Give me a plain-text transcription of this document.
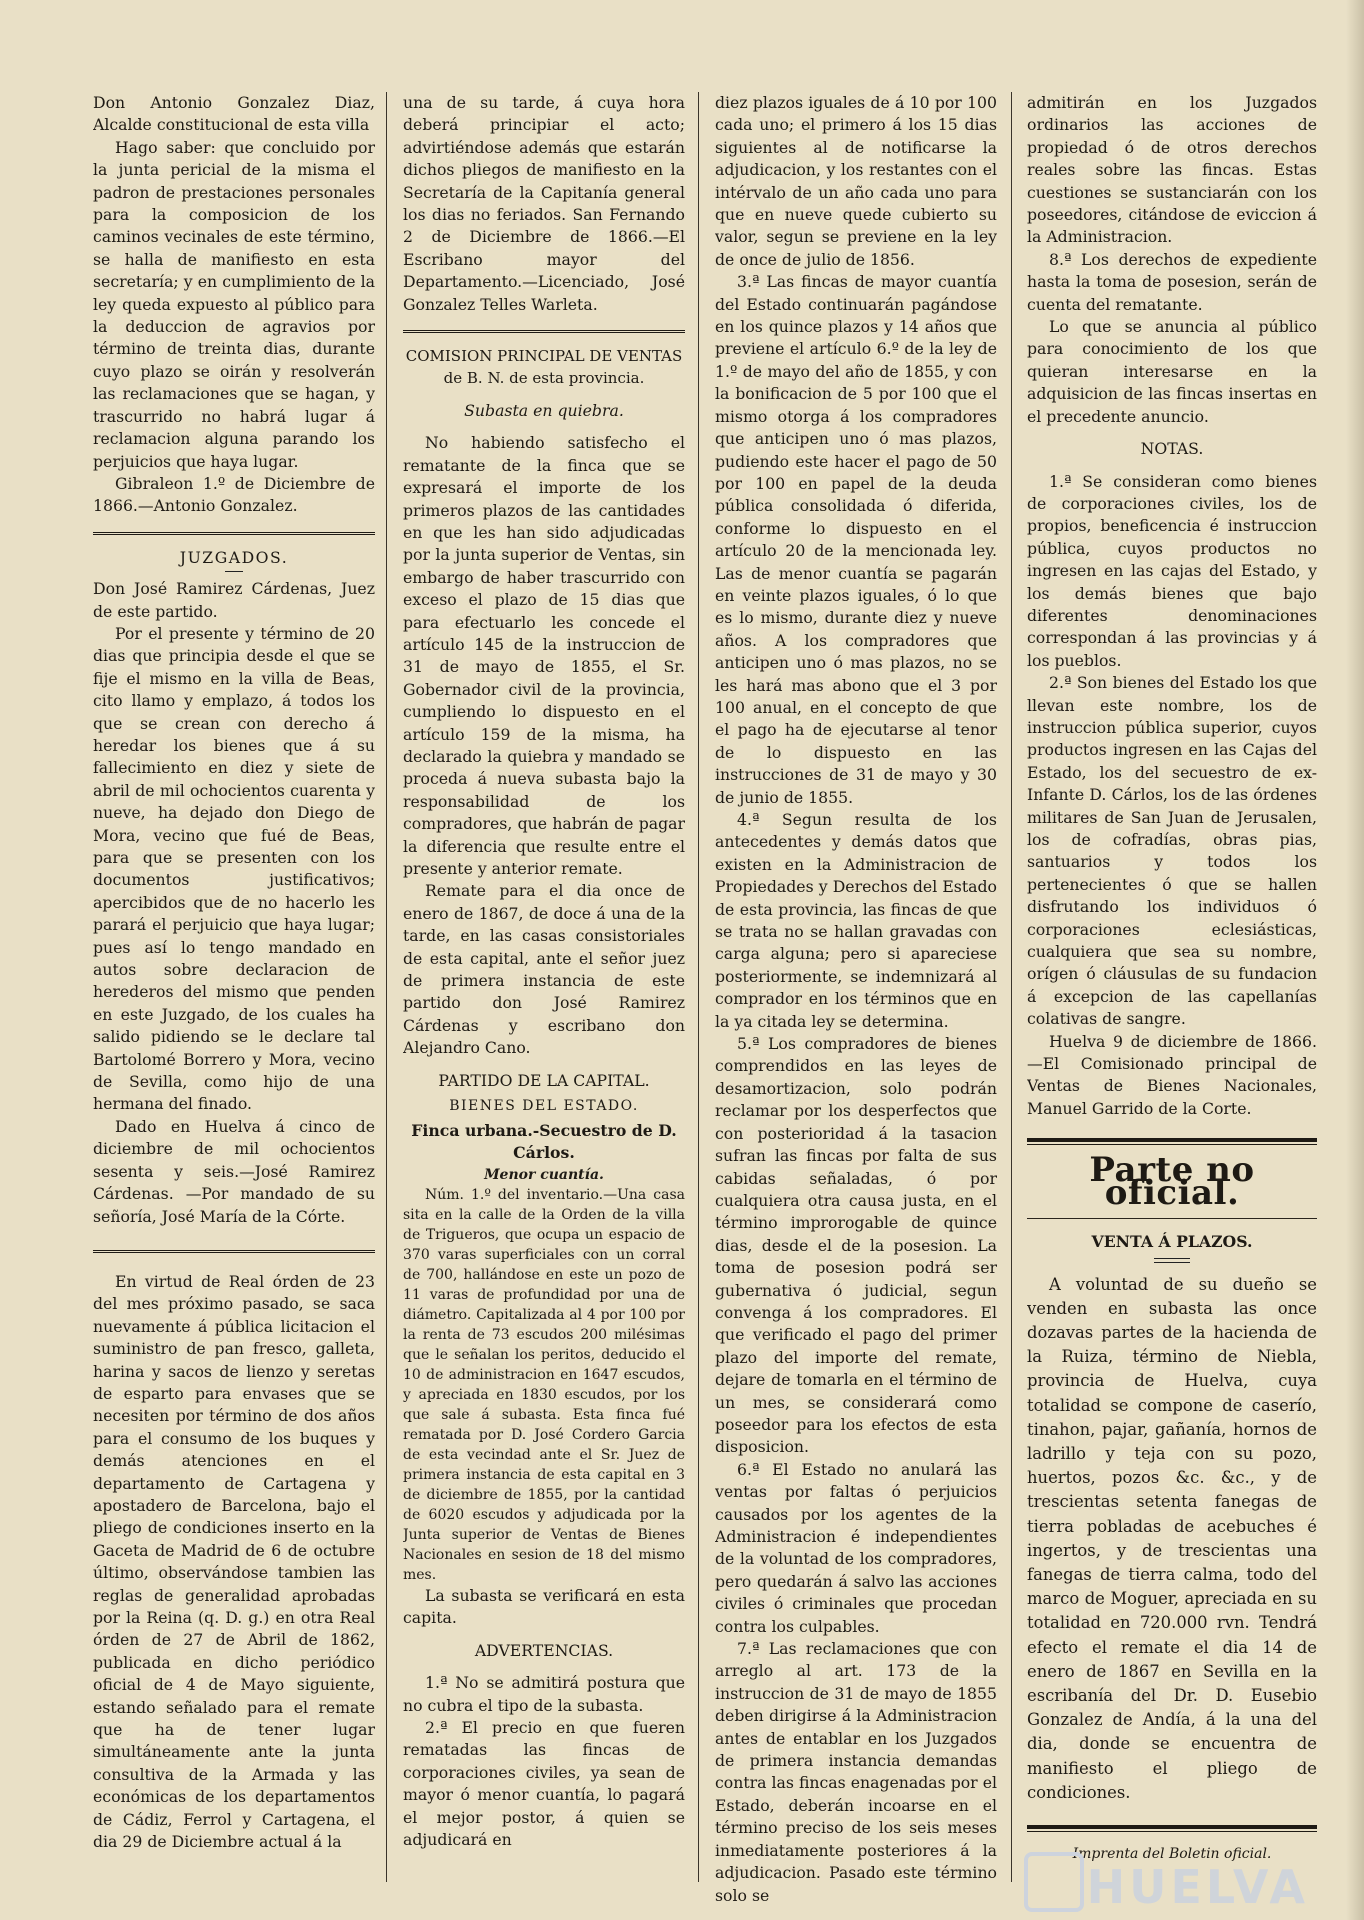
Don Antonio Gonzalez Diaz, Alcalde constitucional de esta villa

Hago saber: que concluido por la junta pericial de la misma el padron de prestaciones personales para la composicion de los caminos vecinales de este término, se halla de manifiesto en esta secretaría; y en cumplimiento de la ley queda expuesto al público para la deduccion de agravios por término de treinta dias, durante cuyo plazo se oirán y resolverán las reclamaciones que se hagan, y trascurrido no habrá lugar á reclamacion alguna parando los perjuicios que haya lugar.

Gibraleon 1.º de Diciembre de 1866.—Antonio Gonzalez.

JUZGADOS.

Don José Ramirez Cárdenas, Juez de este partido.

Por el presente y término de 20 dias que principia desde el que se fije el mismo en la villa de Beas, cito llamo y emplazo, á todos los que se crean con derecho á heredar los bienes que á su fallecimiento en diez y siete de abril de mil ochocientos cuarenta y nueve, ha dejado don Diego de Mora, vecino que fué de Beas, para que se presenten con los documentos justificativos; apercibidos que de no hacerlo les parará el perjuicio que haya lugar; pues así lo tengo mandado en autos sobre declaracion de herederos del mismo que penden en este Juzgado, de los cuales ha salido pidiendo se le declare tal Bartolomé Borrero y Mora, vecino de Sevilla, como hijo de una hermana del finado.

Dado en Huelva á cinco de diciembre de mil ochocientos sesenta y seis.—José Ramirez Cárdenas. —Por mandado de su señoría, José María de la Córte.

En virtud de Real órden de 23 del mes próximo pasado, se saca nuevamente á pública licitacion el suministro de pan fresco, galleta, harina y sacos de lienzo y seretas de esparto para envases que se necesiten por término de dos años para el consumo de los buques y demás atenciones en el departamento de Cartagena y apostadero de Barcelona, bajo el pliego de condiciones inserto en la Gaceta de Madrid de 6 de octubre último, observándose tambien las reglas de generalidad aprobadas por la Reina (q. D. g.) en otra Real órden de 27 de Abril de 1862, publicada en dicho periódico oficial de 4 de Mayo siguiente, estando señalado para el remate que ha de tener lugar simultáneamente ante la junta consultiva de la Armada y las económicas de los departamentos de Cádiz, Ferrol y Cartagena, el dia 29 de Diciembre actual á la

una de su tarde, á cuya hora deberá principiar el acto; advirtiéndose además que estarán dichos pliegos de manifiesto en la Secretaría de la Capitanía general los dias no feriados. San Fernando 2 de Diciembre de 1866.—El Escribano mayor del Departamento.—Licenciado, José Gonzalez Telles Warleta.

COMISION PRINCIPAL DE VENTAS de B. N. de esta provincia.

Subasta en quiebra.

No habiendo satisfecho el rematante de la finca que se expresará el importe de los primeros plazos de las cantidades en que les han sido adjudicadas por la junta superior de Ventas, sin embargo de haber trascurrido con exceso el plazo de 15 dias que para efectuarlo les concede el artículo 145 de la instruccion de 31 de mayo de 1855, el Sr. Gobernador civil de la provincia, cumpliendo lo dispuesto en el artículo 159 de la misma, ha declarado la quiebra y mandado se proceda á nueva subasta bajo la responsabilidad de los compradores, que habrán de pagar la diferencia que resulte entre el presente y anterior remate.

Remate para el dia once de enero de 1867, de doce á una de la tarde, en las casas consistoriales de esta capital, ante el señor juez de primera instancia de este partido don José Ramirez Cárdenas y escribano don Alejandro Cano.

PARTIDO DE LA CAPITAL.

BIENES DEL ESTADO.

Finca urbana.-Secuestro de D. Cárlos.

Menor cuantía.

Núm. 1.º del inventario.—Una casa sita en la calle de la Orden de la villa de Trigueros, que ocupa un espacio de 370 varas superficiales con un corral de 700, hallándose en este un pozo de 11 varas de profundidad por una de diámetro. Capitalizada al 4 por 100 por la renta de 73 escudos 200 milésimas que le señalan los peritos, deducido el 10 de administracion en 1647 escudos, y apreciada en 1830 escudos, por los que sale á subasta. Esta finca fué rematada por D. José Cordero Garcia de esta vecindad ante el Sr. Juez de primera instancia de esta capital en 3 de diciembre de 1855, por la cantidad de 6020 escudos y adjudicada por la Junta superior de Ventas de Bienes Nacionales en sesion de 18 del mismo mes.

La subasta se verificará en esta capita.

ADVERTENCIAS.

1.ª No se admitirá postura que no cubra el tipo de la subasta.

2.ª El precio en que fueren rematadas las fincas de corporaciones civiles, ya sean de mayor ó menor cuantía, lo pagará el mejor postor, á quien se adjudicará en

diez plazos iguales de á 10 por 100 cada uno; el primero á los 15 dias siguientes al de notificarse la adjudicacion, y los restantes con el intérvalo de un año cada uno para que en nueve quede cubierto su valor, segun se previene en la ley de once de julio de 1856.

3.ª Las fincas de mayor cuantía del Estado continuarán pagándose en los quince plazos y 14 años que previene el artículo 6.º de la ley de 1.º de mayo del año de 1855, y con la bonificacion de 5 por 100 que el mismo otorga á los compradores que anticipen uno ó mas plazos, pudiendo este hacer el pago de 50 por 100 en papel de la deuda pública consolidada ó diferida, conforme lo dispuesto en el artículo 20 de la mencionada ley. Las de menor cuantía se pagarán en veinte plazos iguales, ó lo que es lo mismo, durante diez y nueve años. A los compradores que anticipen uno ó mas plazos, no se les hará mas abono que el 3 por 100 anual, en el concepto de que el pago ha de ejecutarse al tenor de lo dispuesto en las instrucciones de 31 de mayo y 30 de junio de 1855.

4.ª Segun resulta de los antecedentes y demás datos que existen en la Administracion de Propiedades y Derechos del Estado de esta provincia, las fincas de que se trata no se hallan gravadas con carga alguna; pero si apareciese posteriormente, se indemnizará al comprador en los términos que en la ya citada ley se determina.

5.ª Los compradores de bienes comprendidos en las leyes de desamortizacion, solo podrán reclamar por los desperfectos que con posterioridad á la tasacion sufran las fincas por falta de sus cabidas señaladas, ó por cualquiera otra causa justa, en el término improrogable de quince dias, desde el de la posesion. La toma de posesion podrá ser gubernativa ó judicial, segun convenga á los compradores. El que verificado el pago del primer plazo del importe del remate, dejare de tomarla en el término de un mes, se considerará como poseedor para los efectos de esta disposicion.

6.ª El Estado no anulará las ventas por faltas ó perjuicios causados por los agentes de la Administracion é independientes de la voluntad de los compradores, pero quedarán á salvo las acciones civiles ó criminales que procedan contra los culpables.

7.ª Las reclamaciones que con arreglo al art. 173 de la instruccion de 31 de mayo de 1855 deben dirigirse á la Administracion antes de entablar en los Juzgados de primera instancia demandas contra las fincas enagenadas por el Estado, deberán incoarse en el término preciso de los seis meses inmediatamente posteriores á la adjudicacion. Pasado este término solo se

admitirán en los Juzgados ordinarios las acciones de propiedad ó de otros derechos reales sobre las fincas. Estas cuestiones se sustanciarán con los poseedores, citándose de eviccion á la Administracion.

8.ª Los derechos de expediente hasta la toma de posesion, serán de cuenta del rematante.

Lo que se anuncia al público para conocimiento de los que quieran interesarse en la adquisicion de las fincas insertas en el precedente anuncio.

NOTAS.

1.ª Se consideran como bienes de corporaciones civiles, los de propios, beneficencia é instruccion pública, cuyos productos no ingresen en las cajas del Estado, y los demás bienes que bajo diferentes denominaciones correspondan á las provincias y á los pueblos.

2.ª Son bienes del Estado los que llevan este nombre, los de instruccion pública superior, cuyos productos ingresen en las Cajas del Estado, los del secuestro de ex-Infante D. Cárlos, los de las órdenes militares de San Juan de Jerusalen, los de cofradías, obras pias, santuarios y todos los pertenecientes ó que se hallen disfrutando los individuos ó corporaciones eclesiásticas, cualquiera que sea su nombre, orígen ó cláusulas de su fundacion á excepcion de las capellanías colativas de sangre.

Huelva 9 de diciembre de 1866.—El Comisionado principal de Ventas de Bienes Nacionales, Manuel Garrido de la Corte.

Parte no oficial.

VENTA Á PLAZOS.

A voluntad de su dueño se venden en subasta las once dozavas partes de la hacienda de la Ruiza, término de Niebla, provincia de Huelva, cuya totalidad se compone de caserío, tinahon, pajar, gañanía, hornos de ladrillo y teja con su pozo, huertos, pozos &c. &c., y de trescientas setenta fanegas de tierra pobladas de acebuches é ingertos, y de trescientas una fanegas de tierra calma, todo del marco de Moguer, apreciada en su totalidad en 720.000 rvn. Tendrá efecto el remate el dia 14 de enero de 1867 en Sevilla en la escribanía del Dr. D. Eusebio Gonzalez de Andía, á la una del dia, donde se encuentra de manifiesto el pliego de condiciones.

Imprenta del Boletin oficial.

HUELVA
